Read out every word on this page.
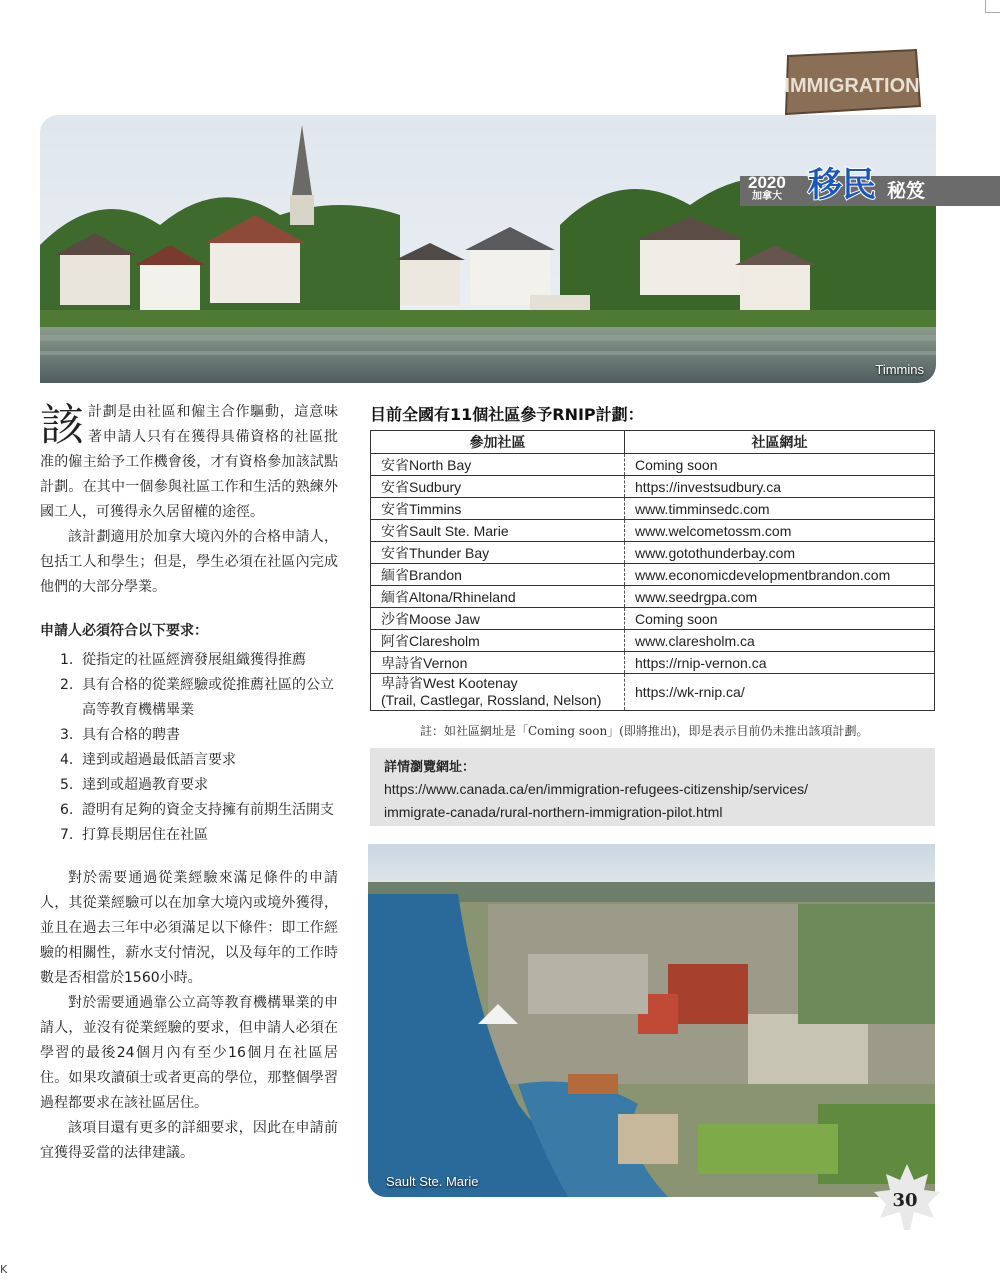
Timmins
IMMIGRATION
2020
加拿大 移民 秘笈

該 計劃是由社區和僱主合作驅動，這意味著申請人只有在獲得具備資格的社區批准的僱主給予工作機會後，才有資格參加該試點計劃。在其中一個參與社區工作和生活的熟練外國工人，可獲得永久居留權的途徑。

該計劃適用於加拿大境內外的合格申請人，包括工人和學生；但是，學生必須在社區內完成他們的大部分學業。

申請人必須符合以下要求：
1. 從指定的社區經濟發展組織獲得推薦
2. 具有合格的從業經驗或從推薦社區的公立高等教育機構畢業
3. 具有合格的聘書
4. 達到或超過最低語言要求
5. 達到或超過教育要求
6. 證明有足夠的資金支持擁有前期生活開支
7. 打算長期居住在社區

對於需要通過從業經驗來滿足條件的申請人，其從業經驗可以在加拿大境內或境外獲得，並且在過去三年中必須滿足以下條件：即工作經驗的相關性，薪水支付情況，以及每年的工作時數是否相當於1560小時。

對於需要通過靠公立高等教育機構畢業的申請人，並沒有從業經驗的要求，但申請人必須在學習的最後24個月內有至少16個月在社區居住。如果攻讀碩士或者更高的學位，那整個學習過程都要求在該社區居住。

該項目還有更多的詳細要求，因此在申請前宜獲得妥當的法律建議。

目前全國有11個社區參予RNIP計劃：
參加社區	社區網址
安省North Bay	Coming soon
安省Sudbury	https://investsudbury.ca
安省Timmins	www.timminsedc.com
安省Sault Ste. Marie	www.welcometossm.com
安省Thunder Bay	www.gotothunderbay.com
緬省Brandon	www.economicdevelopmentbrandon.com
緬省Altona/Rhineland	www.seedrgpa.com
沙省Moose Jaw	Coming soon
阿省Claresholm	www.claresholm.ca
卑詩省Vernon	https://rnip-vernon.ca

卑詩省West Kootenay
(Trail, Castlegar, Rossland, Nelson)	https://wk-rnip.ca/
註：如社區網址是「Coming soon」(即將推出)，即是表示目前仍未推出該項計劃。
詳情瀏覽網址：
https://www.canada.ca/en/immigration-refugees-citizenship/services/
immigrate-canada/rural-northern-immigration-pilot.html
Sault Ste. Marie
30
K
